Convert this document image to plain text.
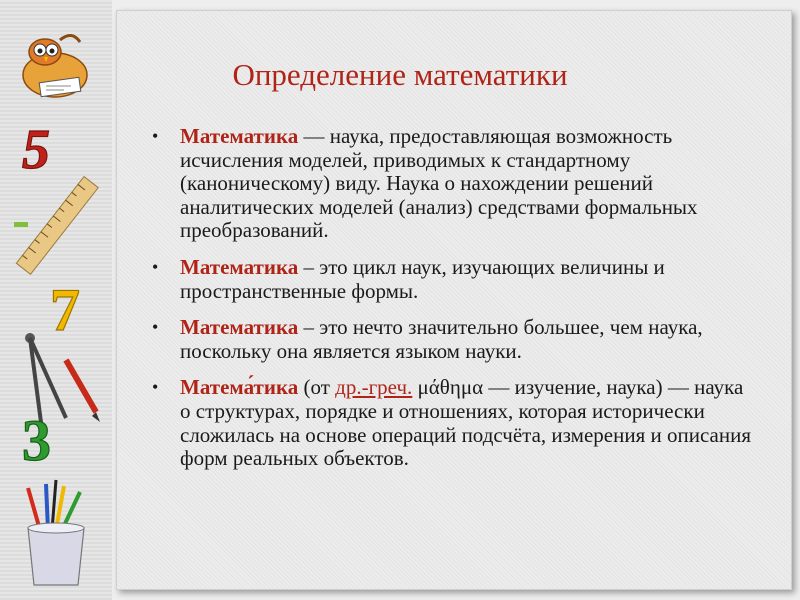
5
7
3
Определение математики
• Математика — наука, предоставляющая возможность исчисления моделей, приводимых к стандартному (каноническому) виду. Наука о нахождении решений аналитических моделей (анализ) средствами формальных преобразований.
• Математика – это цикл наук, изучающих величины и пространственные формы.
• Математика – это нечто значительно большее, чем наука, поскольку она является языком науки.
• Матема́тика (от др.-греч. μάθημα — изучение, наука) — наука о структурах, порядке и отношениях, которая исторически сложилась на основе операций подсчёта, измерения и описания форм реальных объектов.
